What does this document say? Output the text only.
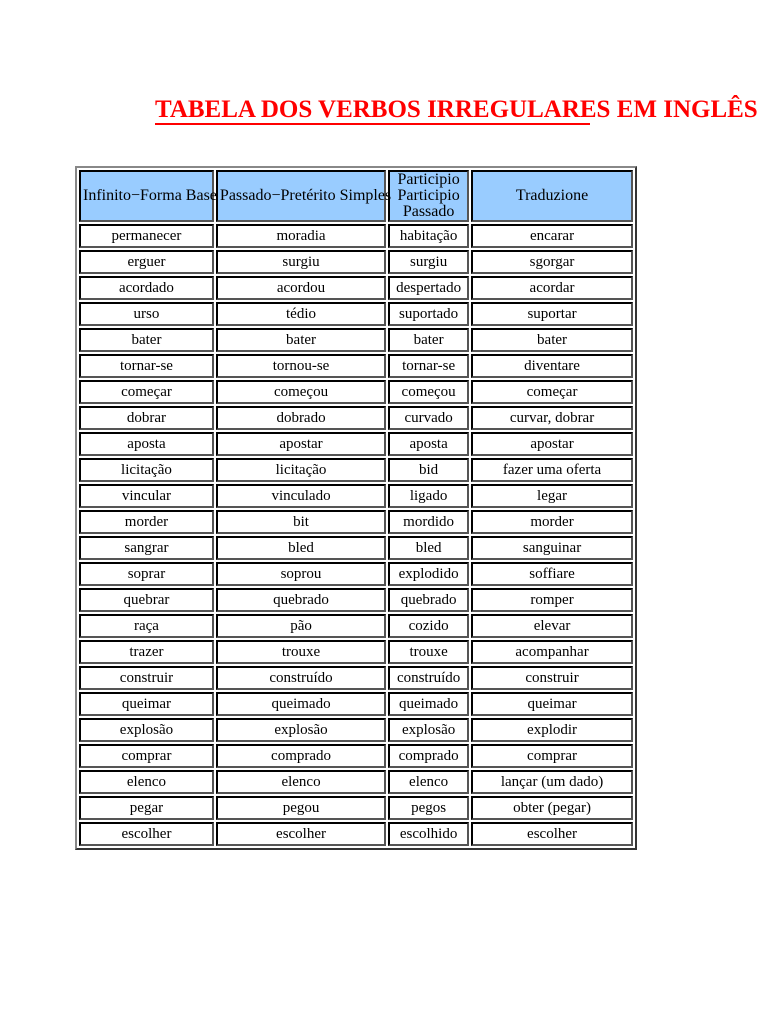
TABELA DOS VERBOS IRREGULARES EM INGLÊS
Infinito−Forma Base	Passado−Pretérito Simples	Participio Participio Passado	Traduzione
permanecer	moradia	habitação	encarar
erguer	surgiu	surgiu	sgorgar
acordado	acordou	despertado	acordar
urso	tédio	suportado	suportar
bater	bater	bater	bater
tornar-se	tornou-se	tornar-se	diventare
começar	começou	começou	começar
dobrar	dobrado	curvado	curvar, dobrar
aposta	apostar	aposta	apostar
licitação	licitação	bid	fazer uma oferta
vincular	vinculado	ligado	legar
morder	bit	mordido	morder
sangrar	bled	bled	sanguinar
soprar	soprou	explodido	soffiare
quebrar	quebrado	quebrado	romper
raça	pão	cozido	elevar
trazer	trouxe	trouxe	acompanhar
construir	construído	construído	construir
queimar	queimado	queimado	queimar
explosão	explosão	explosão	explodir
comprar	comprado	comprado	comprar
elenco	elenco	elenco	lançar (um dado)
pegar	pegou	pegos	obter (pegar)
escolher	escolher	escolhido	escolher
